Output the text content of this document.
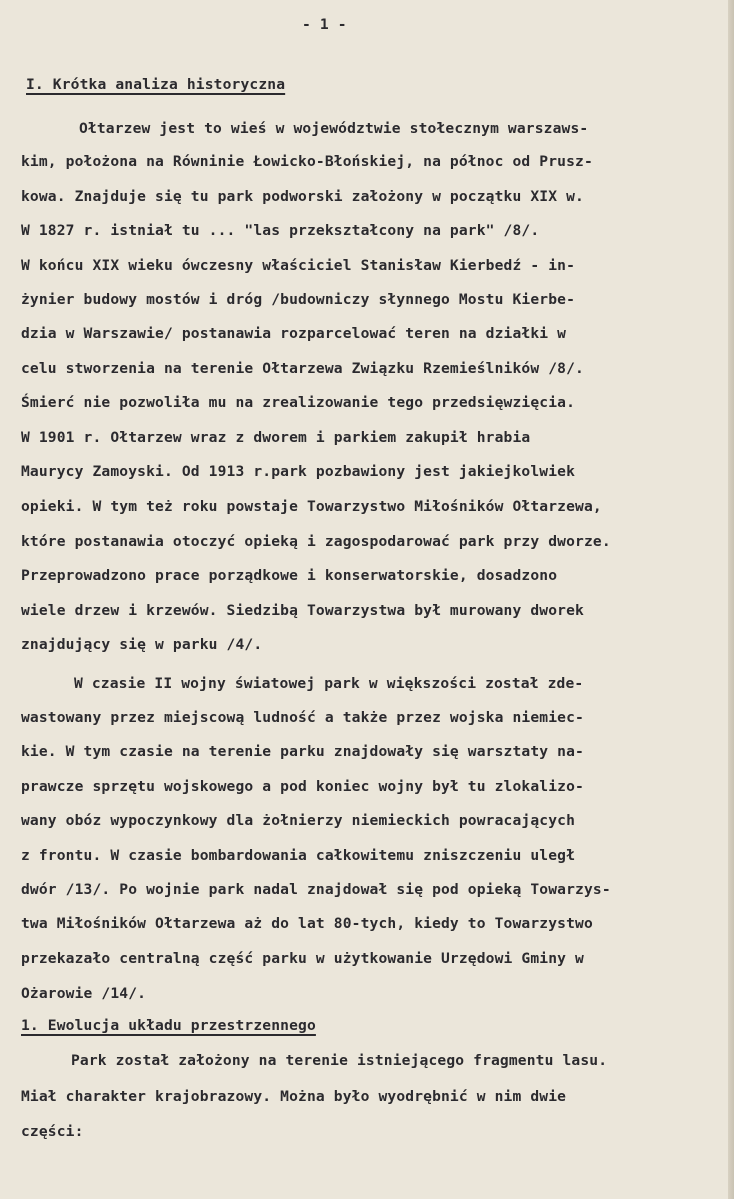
- 1 -
I. Krótka analiza historyczna
Ołtarzew jest to wieś w województwie stołecznym warszaws-
kim, położona na Równinie Łowicko-Błońskiej, na północ od Prusz-
kowa. Znajduje się tu park podworski założony w początku XIX w.
W 1827 r. istniał tu ... "las przekształcony na park" /8/.
W końcu XIX wieku ówczesny właściciel Stanisław Kierbedź - in-
żynier budowy mostów i dróg /budowniczy słynnego Mostu Kierbe-
dzia w Warszawie/ postanawia rozparcelować teren na działki w
celu stworzenia na terenie Ołtarzewa Związku Rzemieślników /8/.
Śmierć nie pozwoliła mu na zrealizowanie tego przedsięwzięcia.
W 1901 r. Ołtarzew wraz z dworem i parkiem zakupił hrabia
Maurycy Zamoyski. Od 1913 r.park pozbawiony jest jakiejkolwiek
opieki. W tym też roku powstaje Towarzystwo Miłośników Ołtarzewa,
które postanawia otoczyć opieką i zagospodarować park przy dworze.
Przeprowadzono prace porządkowe i konserwatorskie, dosadzono
wiele drzew i krzewów. Siedzibą Towarzystwa był murowany dworek
znajdujący się w parku /4/.
W czasie II wojny światowej park w większości został zde-
wastowany przez miejscową ludność a także przez wojska niemiec-
kie. W tym czasie na terenie parku znajdowały się warsztaty na-
prawcze sprzętu wojskowego a pod koniec wojny był tu zlokalizo-
wany obóz wypoczynkowy dla żołnierzy niemieckich powracających
z frontu. W czasie bombardowania całkowitemu zniszczeniu uległ
dwór /13/. Po wojnie park nadal znajdował się pod opieką Towarzys-
twa Miłośników Ołtarzewa aż do lat 80-tych, kiedy to Towarzystwo
przekazało centralną część parku w użytkowanie Urzędowi Gminy w
Ożarowie /14/.
1. Ewolucja układu przestrzennego
Park został założony na terenie istniejącego fragmentu lasu.
Miał charakter krajobrazowy. Można było wyodrębnić w nim dwie
części:
